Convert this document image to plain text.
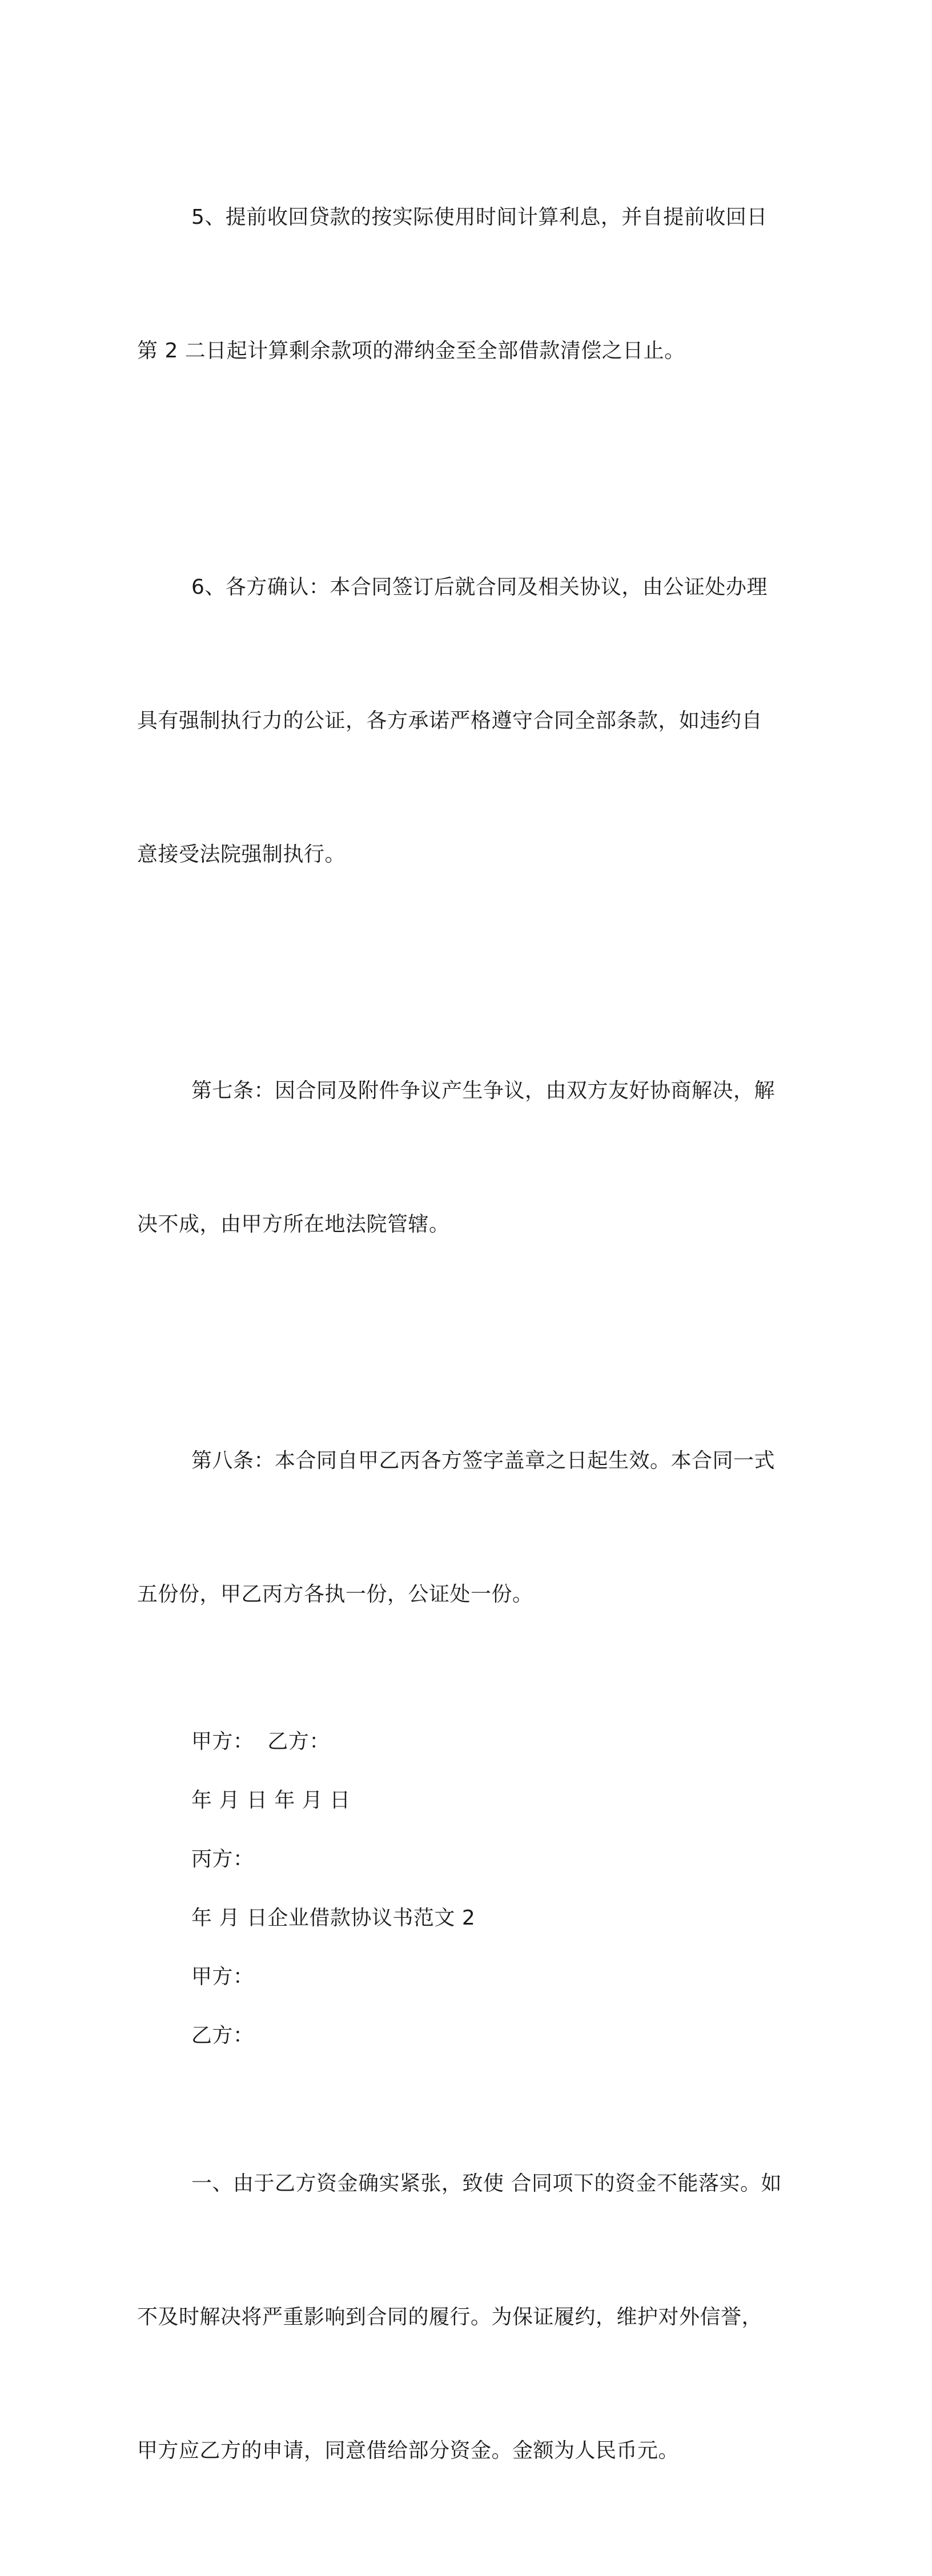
5、提前收回贷款的按实际使用时间计算利息，并自提前收回日

第 2 二日起计算剩余款项的滞纳金至全部借款清偿之日止。

6、各方确认：本合同签订后就合同及相关协议，由公证处办理

具有强制执行力的公证，各方承诺严格遵守合同全部条款，如违约自

意接受法院强制执行。

第七条：因合同及附件争议产生争议，由双方友好协商解决，解

决不成，由甲方所在地法院管辖。

第八条：本合同自甲乙丙各方签字盖章之日起生效。本合同一式

五份份，甲乙丙方各执一份，公证处一份。

甲方：  乙方：
年 月 日 年 月 日
丙方：
年 月 日企业借款协议书范文 2
甲方：
乙方：

一、由于乙方资金确实紧张，致使 合同项下的资金不能落实。如

不及时解决将严重影响到合同的履行。为保证履约，维护对外信誉，

甲方应乙方的申请，同意借给部分资金。金额为人民币元。
